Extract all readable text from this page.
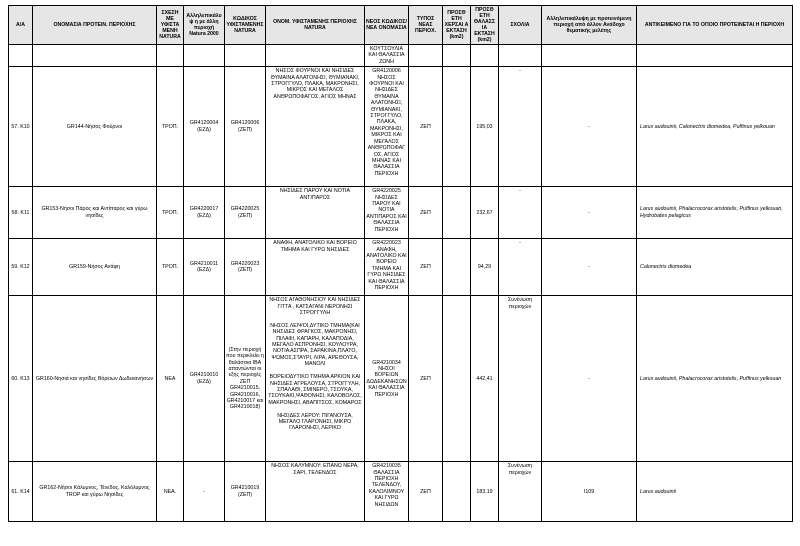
Α/Α	ΟΝΟΜΑΣΙΑ ΠΡΟΤΕΙΝ. ΠΕΡΙΟΧΗΣ	ΣΧΕΣΗ ΜΕ ΥΦΙΣΤΑ ΜΕΝΗ NATURA	Αλληλεπικάλυψ η με άλλη περιοχή Natura 2000	ΚΩΔΙΚΟΣ ΥΦΙΣΤΑΜΕΝΗΣ NATURA	ΟΝΟΜ. ΥΦΙΣΤΑΜΕΝΗΣ ΠΕΡΙΟΧΗΣ NATURA	ΝΕΟΣ ΚΩΔΙΚΟΣ/ ΝΕΑ ΟΝΟΜΑΣΙΑ	ΤΥΠΟΣ ΝΕΑΣ ΠΕΡΙΟΧ.	ΠΡΟΣΘ ΕΤΗ ΧΕΡΣΑΙ Α ΕΚΤΑΣΗ (km2)	ΠΡΟΣΘ ΕΤΗ ΘΑΛΑΣΣ ΙΑ ΕΚΤΑΣΗ (km2)	ΣΧΟΛΙΑ	Αλληλεπικάλυψη με προτεινόμενη περιοχή από άλλον Ανάδοχο θεματικής μελέτης	ΑΝΤΙΚΕΙΜΕΝΟ ΓΙΑ ΤΟ ΟΠΟΙΟ ΠΡΟΤΕΙΝΕΤΑΙ Η ΠΕΡΙΟΧΗ
						ΚΟΥΤΣΟΥΛΙΑ ΚΑΙ ΘΑΛΑΣΣΙΑ ΖΩΝΗ						
57. K10	GR144-Νήσος Φούρνοι	ΤΡΟΠ.	GR4120004 (ΕΖΔ)	GR4120006 (ΖΕΠ)	ΝΗΣΟΣ ΦΟΥΡΝΟΙ ΚΑΙ ΝΗΣΙΔΕΣ ΘΥΜΑΙΝΑ ΑΛΑΤΟΝΗΣΙ, ΘΥΜΙΑΝΑΚΙ, ΣΤΡΟΓΓΥΛΟ, ΠΛΑΚΑ, ΜΑΚΡΟΝΗΣΙ, ΜΙΚΡΟΣ ΚΑΙ ΜΕΓΑΛΟΣ ΑΝΘΡΩΠΟΦΑΓΟΣ, ΑΓΙΟΣ ΜΗΝΑΣ	GR4120006 ΝΗΣΟΣ ΦΟΥΡΝΟΙ ΚΑΙ ΝΗΣΙΔΕΣ ΘΥΜΑΙΝΑ ΑΛΑΤΟΝΗΣΙ, ΘΥΜΙΑΝΑΚΙ, ΣΤΡΟΓΓΥΛΟ, ΠΛΑΚΑ, ΜΑΚΡΟΝΗΣΙ, ΜΙΚΡΟΣ ΚΑΙ ΜΕΓΑΛΟΣ ΑΝΘΡΩΠΟΦΑΓ ΟΣ, ΑΓΙΟΣ ΜΗΝΑΣ ΚΑΙ ΘΑΛΑΣΣΙΑ ΠΕΡΙΟΧΗ	ΖΕΠ		195,03	-	-	Larus audouinii, Calonectris diomedea, Puffinus yelkouan
58. K11	GR153-Νήσοι Πάρος και Αντίπαρος και γύρω νησίδες	ΤΡΟΠ.	GR4220017 (ΕΖΔ)	GR4220025 (ΖΕΠ)	ΝΗΣΙΔΕΣ ΠΑΡΟΥ ΚΑΙ ΝΟΤΙΑ ΑΝΤΙΠΑΡΟΣ	GR4220025 ΝΗΣΙΔΕΣ ΠΑΡΟΥ ΚΑΙ ΝΟΤΙΑ ΑΝΤΙΠΑΡΟΣ ΚΑΙ ΘΑΛΑΣΣΙΑ ΠΕΡΙΟΧΗ	ΖΕΠ		232,67	-	-	Larus audouinii, Phalacrocorax aristotelis, Puffinus yelkouan, Hydrobates pelagicus
59. K12	GR159-Νήσος Ανάφη	ΤΡΟΠ.	GR4210011 (ΕΖΔ)	GR4220023 (ΖΕΠ)	ΑΝΑΦΗ, ΑΝΑΤΟΛΙΚΟ ΚΑΙ ΒΟΡΕΙΟ ΤΜΗΜΑ ΚΑΙ ΓΥΡΩ ΝΗΣΙΔΕΣ	GR4220023 ΑΝΑΦΗ, ΑΝΑΤΟΛΙΚΟ ΚΑΙ ΒΟΡΕΙΟ ΤΜΗΜΑ ΚΑΙ ΓΥΡΩ ΝΗΣΙΔΕΣ ΚΑΙ ΘΑΛΑΣΣΙΑ ΠΕΡΙΟΧΗ	ΖΕΠ		94,29	-	-	Calonectris diomedea
60. K13	GR160-Νησιά και νησίδες Βόρειων Δωδεκανήσων	ΝΕΑ	GR4210010 (ΕΖΔ)	(Στην περιοχή που περικλείει η θαλάσσια IBA απαντώνται οι εξής περιοχές ΖΕΠ GR4210015, GR4210016, GR4210017 και GR4210018)	ΝΗΣΟΣ ΑΓΑΘΟΝΗΣΙΟΥ ΚΑΙ ΝΗΣΙΔΕΣ ΓΙΤΤΑ , ΚΑΤΣΑΓΑΝΙ ΝΕΡΟΝΗΣΙ ΣΤΡΟΓΓΥΛΗ

ΝΗΣΟΣ ΛΕΙΨΟΙ,ΔΥΤΙΚΟ ΤΜΗΜΑ(ΚΑΙ ΝΗΣΙΔΕΣ ΦΡΑΓΚΟΣ, ΜΑΚΡΟΝΗΣΙ, ΠΙΛΑΦΙ, ΚΑΠΑΡΗ, ΚΑΛΑΠΟΔΙΑ, ΜΕΓΑΛΟ ΑΣΠΡΟΝΗΣΙ, ΚΟΥΛΟΥΡΑ, ΝΟΤΙΑ ΑΣΠΡΑ, ΣΑΡΑΚΙΝΑ,ΠΛΑΤΟ, ΨΩΜΟΣ,ΣΤΑΥΡΙ, ΛΙΡΑ, ΑΡΕΘΟΥΣΑ, ΜΑΝΟΛΙ

ΒΟΡΕΙΟΔΥΤΙΚΟ ΤΜΗΜΑ ΑΡΚΙΟΝ ΚΑΙ ΝΗΣΙΔΕΣ ΑΓΡΕΛΟΥΣΑ, ΣΤΡΟΓΓΥΛΗ, ΣΠΑΛΑΘΙ, ΣΜΙΝΕΡΟ, ΤΣΟΥΚΑ, ΤΣΟΥΚΑΚΙ,ΨΑΘΟΝΗΣΙ, ΚΑΛΟΒΟΛΟΣ, ΜΑΚΡΟΝΗΣΙ, ΑΒΑΠΙΤΣΟΣ, ΚΟΜΑΡΟΣ

ΝΗΣΙΔΕΣ ΛΕΡΟΥ: ΠΙΓΑΝΟΥΣΑ, ΜΕΓΑΛΟ ΓΛΑΡΟΝΗΣΙ, ΜΙΚΡΟ ΓΛΑΡΟΝΗΣΙ, ΛΕΡΙΚΟ	GR4210034 ΝΗΣΟΙ ΒΟΡΕΙΩΝ ΔΩΔΕΚΑΝΗΣΩΝ ΚΑΙ ΘΑΛΑΣΣΙΑ ΠΕΡΙΟΧΗ	ΖΕΠ		442,41	Συνένωση περιοχών	-	Larus audouinii, Phalacrocorax aristotelis, Puffinus yelkouan
61. K14	GR162-Νήσοι Κάλυμνος, Τένεδος, Καλόλυμνος TROP και γύρω Νησίδες	ΝΕΑ.	-	GR4210019 (ΖΕΠ)	ΝΗΣΟΣ ΚΑΛΥΜΝΟΥ: ΕΠΑΝΩ ΝΕΡΑ, ΣΑΡΙ, ΤΕΛΕΝΔΟΣ	GR4210035 ΘΑΛΑΣΣΙΑ ΠΕΡΙΟΧΗ ΤΕΛΕΝΔΟΥ, ΚΑΛΟΛΙΜΝΟΥ ΚΑΙ ΓΥΡΩ ΝΗΣΙΔΩΝ	ΖΕΠ		183,19	Συνένωση περιοχών	I109	Larus audouinii
